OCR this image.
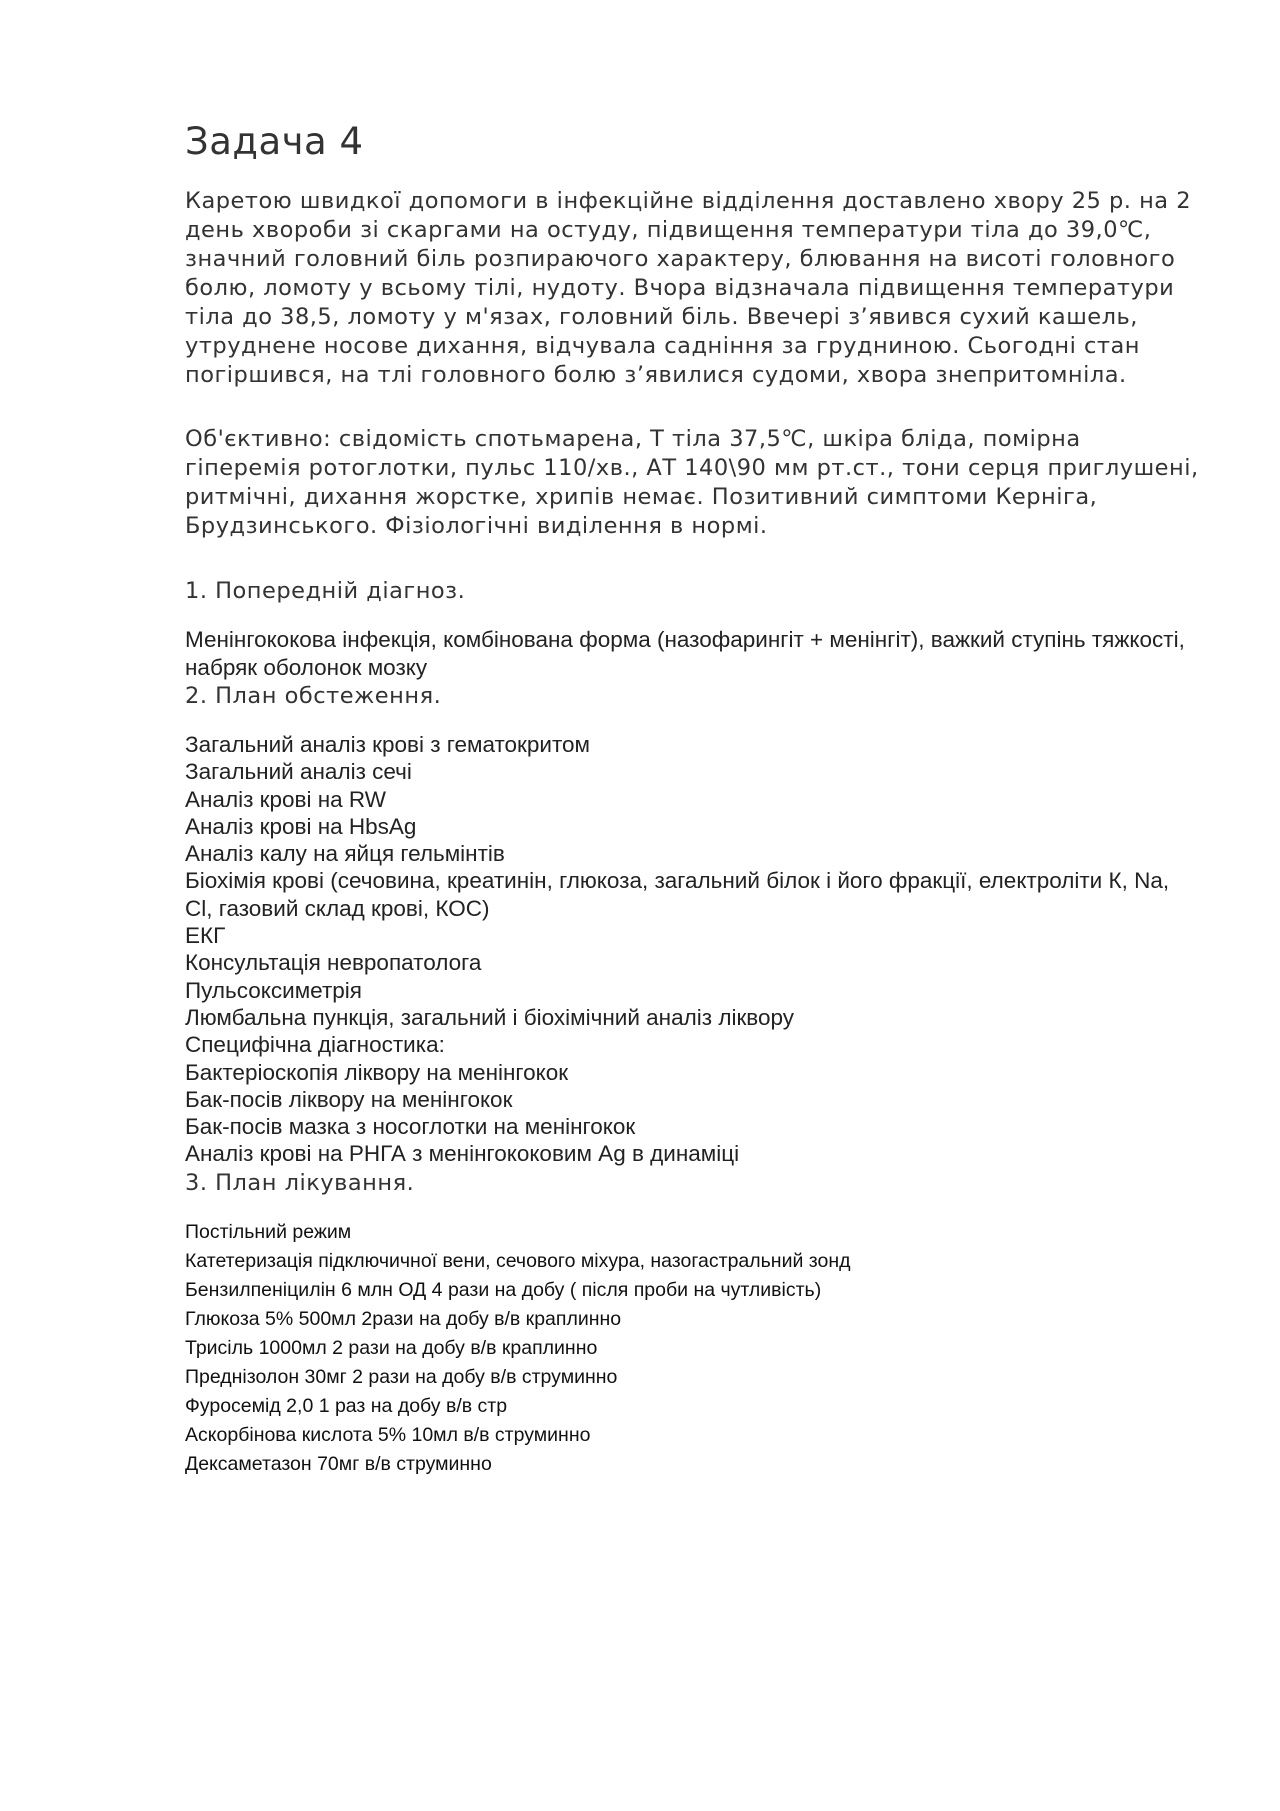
Задача 4

Каретою швидкої допомоги в інфекційне відділення доставлено хвору 25 р. на 2 день хвороби зі скаргами на остуду, підвищення температури тіла до 39,0℃, значний головний біль розпираючого характеру, блювання на висоті головного болю, ломоту у всьому тілі, нудоту. Вчора відзначала підвищення температури тіла до 38,5, ломоту у м'язах, головний біль. Ввечері з’явився сухий кашель, утруднене носове дихання, відчувала саднiння за грудниною. Сьогодні стан погіршився, на тлі головного болю з’явилися судоми, хвора знепритомніла.

Об'єктивно: свідомість спотьмарена, Т тіла 37,5℃, шкіра бліда, помірна гіперемія ротоглотки, пульс 110/хв., АТ 140\90 мм рт.ст., тони серця приглушені, ритмічні, дихання жорстке, хрипів немає. Позитивний симптоми Керніга, Брудзинського. Фізіологічні виділення в нормі.

1. Попередній діагноз.

Менінгококова інфекція, комбінована форма (назофарингіт + менінгіт), важкий ступінь тяжкості, набряк оболонок мозку

2. План обстеження.

Загальний аналіз крові з гематокритом
Загальний аналіз сечі
Аналіз крові на RW
Аналіз крові на HbsAg
Аналіз калу на яйця гельмінтів
Біохімія крові (сечовина, креатинін, глюкоза, загальний білок і його фракції, електроліти К, Na, Cl, газовий склад крові, КОС)
ЕКГ
Консультація невропатолога
Пульсоксиметрія
Люмбальна пункція, загальний і біохімічний аналіз ліквору
Специфічна діагностика:
Бактеріоскопія ліквору на менінгокок
Бак-посів ліквору на менінгокок
Бак-посів мазка з носоглотки на менінгокок
Аналіз крові на РНГА з менінгококовим Ag в динаміці

3. План лікування.

Постільний режим
Катетеризація підключичної вени, сечового міхура, назогастральний зонд
Бензилпеніцилін 6 млн ОД 4 рази на добу ( після проби на чутливість)
Глюкоза 5% 500мл 2рази на добу в/в краплинно
Трисіль 1000мл 2 рази на добу в/в краплинно
Преднізолон 30мг 2 рази на добу в/в струминно
Фуросемід 2,0 1 раз на добу в/в стр
Аскорбінова кислота 5% 10мл в/в струминно
Дексаметазон 70мг в/в струминно
